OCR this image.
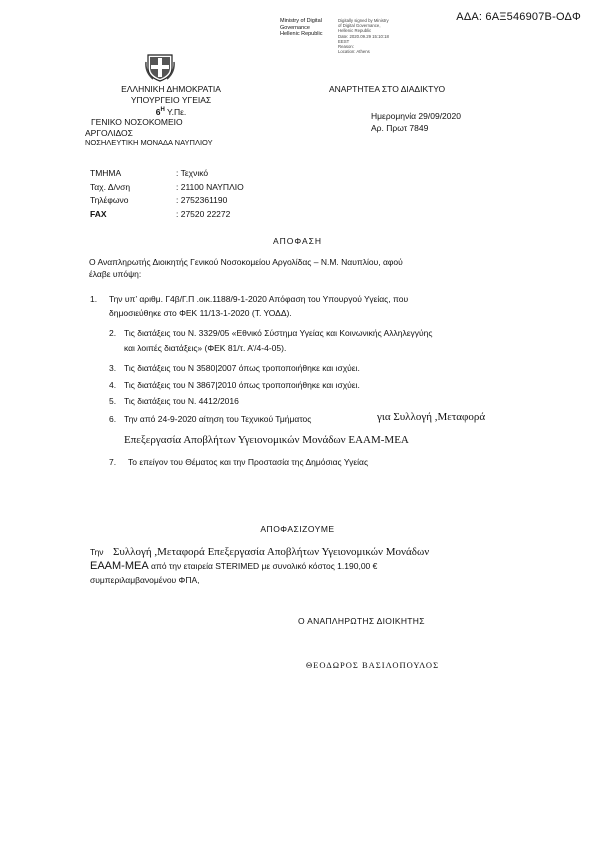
ΑΔΑ: 6ΑΞ546907Β-ΟΔΦ
Ministry of Digital
Governance
Hellenic Republic
Digitally signed by Ministry
of Digital Governance,
Hellenic Republic
Date: 2020.09.29 15:10:18
EEST
Reason:
Location: Athens
ΕΛΛΗΝΙΚΗ ΔΗΜΟΚΡΑΤΙΑ
ΥΠΟΥΡΓΕΙΟ ΥΓΕΙΑΣ
$6^H$ Υ.Πε.
ΓΕΝΙΚΟ ΝΟΣΟΚΟΜΕΙΟ
ΑΡΓΟΛΙΔΟΣ
ΝΟΣΗΛΕΥΤΙΚΗ ΜΟΝΑΔΑ ΝΑΥΠΛΙΟΥ
ΑΝΑΡΤΗΤΕΑ ΣΤΟ ΔΙΑΔΙΚΤΥΟ
Ημερομηνία 29/09/2020
Αρ. Πρωτ 7849
ΤΜΗΜΑ	: Τεχνικό
Ταχ. Δ/νση	: 21100 ΝΑΥΠΛΙΟ
Τηλέφωνο	: 2752361190
FAX	: 27520 22272
ΑΠΟΦΑΣΗ
Ο Αναπληρωτής Διοικητής Γενικού Νοσοκομείου Αργολίδας – Ν.Μ. Ναυπλίου, αφού
έλαβε υπόψη:
1. Την υπ’ αριθμ. Γ4β/Γ.Π .οικ.1188/9-1-2020 Απόφαση του Υπουργού Υγείας, που
δημοσιεύθηκε στο ΦΕΚ 11/13-1-2020 (Τ. ΥΟΔΔ).
2. Τις διατάξεις του Ν. 3329/05 «Εθνικό Σύστημα Υγείας και Κοινωνικής Αλληλεγγύης
και λοιπές διατάξεις» (ΦΕΚ 81/τ. Α’/4-4-05).
3. Τις διατάξεις του Ν 3580|2007 όπως τροποποιήθηκε και ισχύει.
4. Τις διατάξεις του Ν 3867|2010 όπως τροποποιήθηκε και ισχύει.
5. Τις διατάξεις του Ν. 4412/2016
6. Την από 24-9-2020 αίτηση του Τεχνικού Τμήματος	για Συλλογή ,Μεταφορά
Επεξεργασία Αποβλήτων Υγειονομικών Μονάδων ΕΑΑΜ-ΜΕΑ
7. Το επείγον του Θέματος και την Προστασία της Δημόσιας Υγείας
ΑΠΟΦΑΣΙΖΟΥΜΕ
Την Συλλογή ,Μεταφορά Επεξεργασία Αποβλήτων Υγειονομικών Μονάδων
ΕΑΑΜ-ΜΕΑ από την εταιρεία STERIMED με συνολικό κόστος 1.190,00 €
συμπεριλαμβανομένου ΦΠΑ,
Ο ΑΝΑΠΛΗΡΩΤΗΣ ΔΙΟΙΚΗΤΗΣ
ΘΕΟΔΩΡΟΣ ΒΑΣΙΛΟΠΟΥΛΟΣ
